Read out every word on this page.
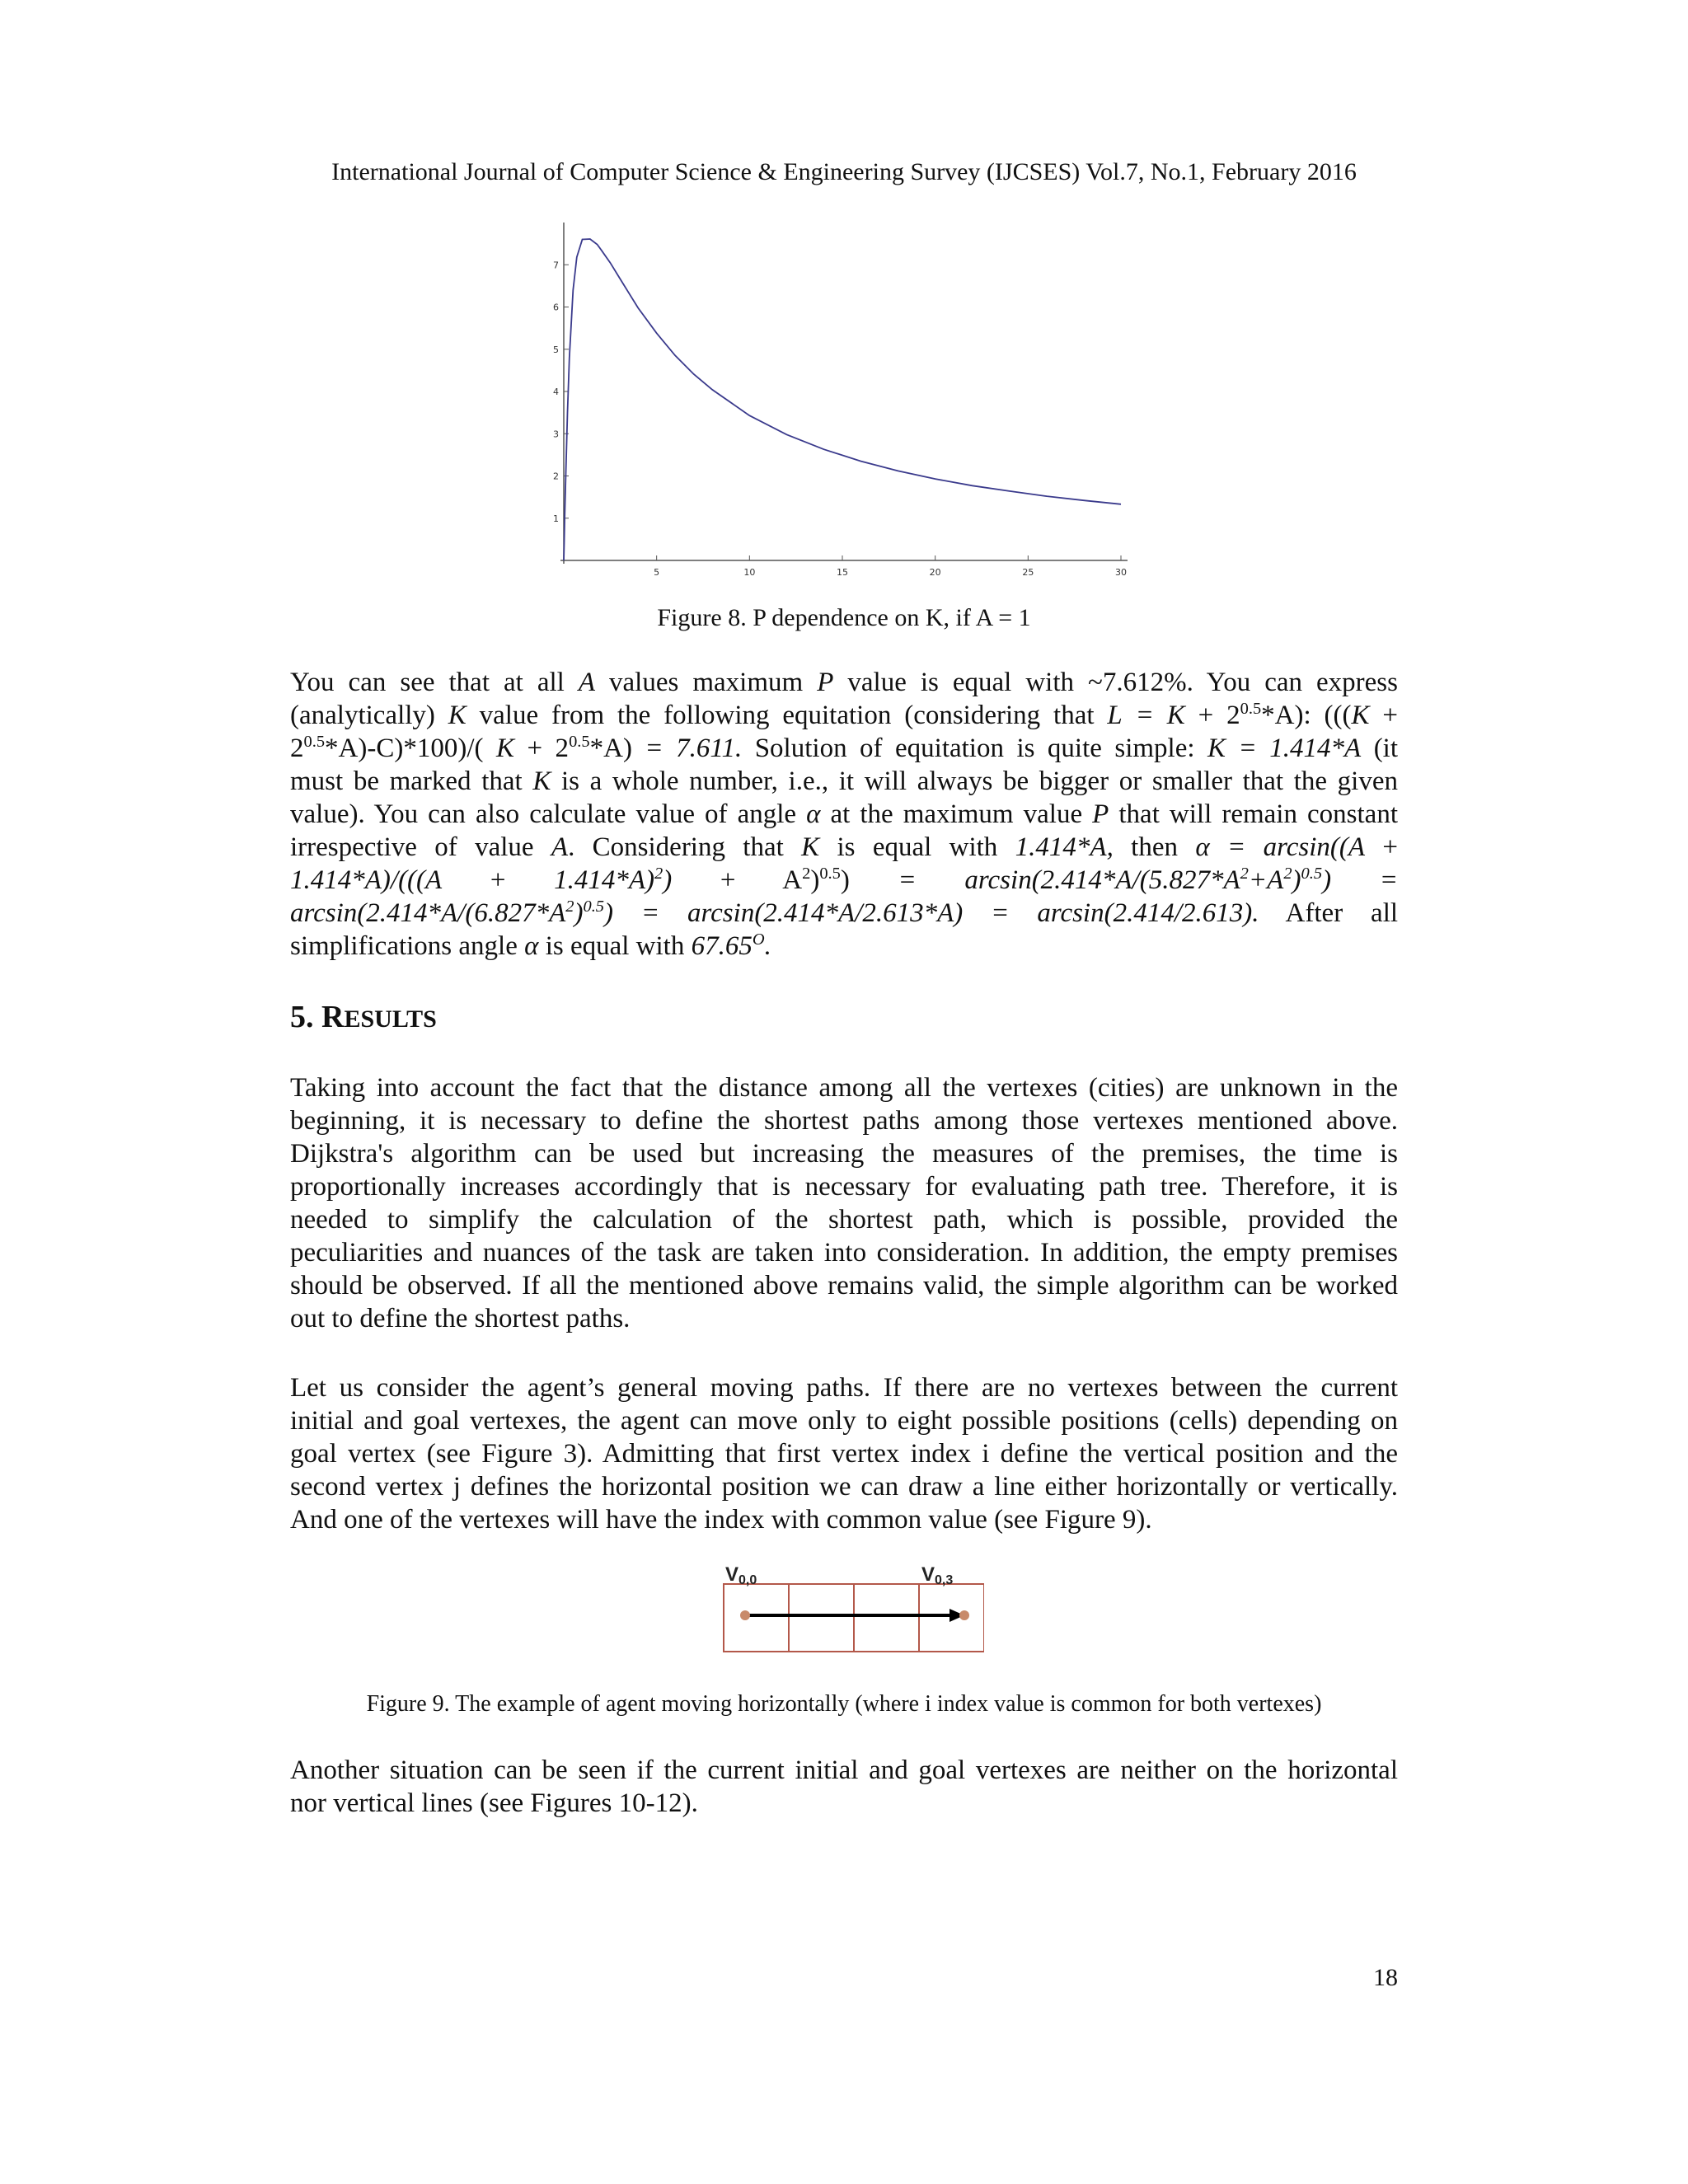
International Journal of Computer Science & Engineering Survey (IJCSES) Vol.7, No.1, February 2016
5	10	15	20	25	30
1
2
3
4
5
6
7
Figure 8. P dependence on K, if A = 1
You can see that at all A values maximum P value is equal with ~7.612%. You can express
(analytically) K value from the following equitation (considering that $L = K + 2^{0.5}*A$): (((K +
$2^{0.5}*A)-C)*100)/$( $K + 2^{0.5}*A) = 7.611$. Solution of equitation is quite simple: K = 1.414*A (it
must be marked that K is a whole number, i.e., it will always be bigger or smaller that the given
value). You can also calculate value of angle α at the maximum value P that will remain constant
irrespective of value A. Considering that K is equal with 1.414*A, then α = arcsin((A +
$1.414*A)/(((A + 1.414*A)^2) + A^2)^{0.5}) = \arcsin(2.414*A/(5.827*A^2+A^2)^{0.5})$ =
$\arcsin(2.414*A/(6.827*A^2)^{0.5}) = \arcsin(2.414*A/2.613*A) = \arcsin(2.414/2.613)$. After all
simplifications angle α is equal with $67.65^O$.
5. RESULTS
Taking into account the fact that the distance among all the vertexes (cities) are unknown in the
beginning, it is necessary to define the shortest paths among those vertexes mentioned above.
Dijkstra's algorithm can be used but increasing the measures of the premises, the time is
proportionally increases accordingly that is necessary for evaluating path tree. Therefore, it is
needed to simplify the calculation of the shortest path, which is possible, provided the
peculiarities and nuances of the task are taken into consideration. In addition, the empty premises
should be observed. If all the mentioned above remains valid, the simple algorithm can be worked
out to define the shortest paths.
Let us consider the agent’s general moving paths. If there are no vertexes between the current
initial and goal vertexes, the agent can move only to eight possible positions (cells) depending on
goal vertex (see Figure 3). Admitting that first vertex index i define the vertical position and the
second vertex j defines the horizontal position we can draw a line either horizontally or vertically.
And one of the vertexes will have the index with common value (see Figure 9).
V0,0	V0,3
Figure 9. The example of agent moving horizontally (where i index value is common for both vertexes)
Another situation can be seen if the current initial and goal vertexes are neither on the horizontal
nor vertical lines (see Figures 10-12).
18
